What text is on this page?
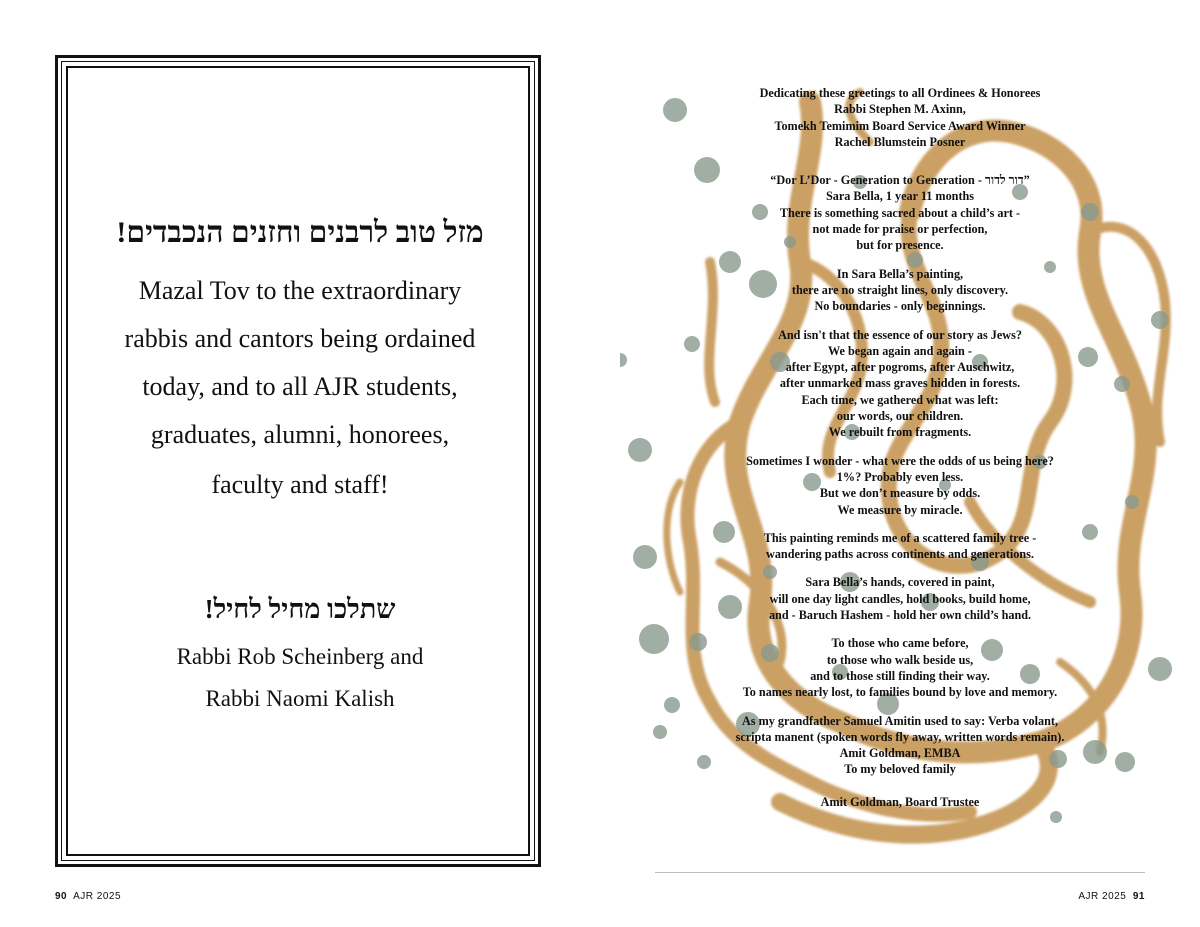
מזל טוב לרבנים וחזנים הנכבדים!
Mazal Tov to the extraordinary
rabbis and cantors being ordained
today, and to all AJR students,
graduates, alumni, honorees,
faculty and staff!
שתלכו מחיל לחיל!
Rabbi Rob Scheinberg and
Rabbi Naomi Kalish
90 AJR 2025
Dedicating these greetings to all Ordinees & Honorees
Rabbi Stephen M. Axinn,
Tomekh Temimim Board Service Award Winner
Rachel Blumstein Posner
“Dor L’Dor - Generation to Generation - דור לדור”
Sara Bella, 1 year 11 months
There is something sacred about a child’s art -
not made for praise or perfection,
but for presence.
In Sara Bella’s painting,
there are no straight lines, only discovery.
No boundaries - only beginnings.
And isn't that the essence of our story as Jews?
We began again and again -
after Egypt, after pogroms, after Auschwitz,
after unmarked mass graves hidden in forests.
Each time, we gathered what was left:
our words, our children.
We rebuilt from fragments.
Sometimes I wonder - what were the odds of us being here?
1%? Probably even less.
But we don’t measure by odds.
We measure by miracle.
This painting reminds me of a scattered family tree -
wandering paths across continents and generations.
Sara Bella’s hands, covered in paint,
will one day light candles, hold books, build home,
and - Baruch Hashem - hold her own child’s hand.
To those who came before,
to those who walk beside us,
and to those still finding their way.
To names nearly lost, to families bound by love and memory.
As my grandfather Samuel Amitin used to say: Verba volant,
scripta manent (spoken words fly away, written words remain).
Amit Goldman, EMBA
To my beloved family
Amit Goldman, Board Trustee
AJR 2025 91
